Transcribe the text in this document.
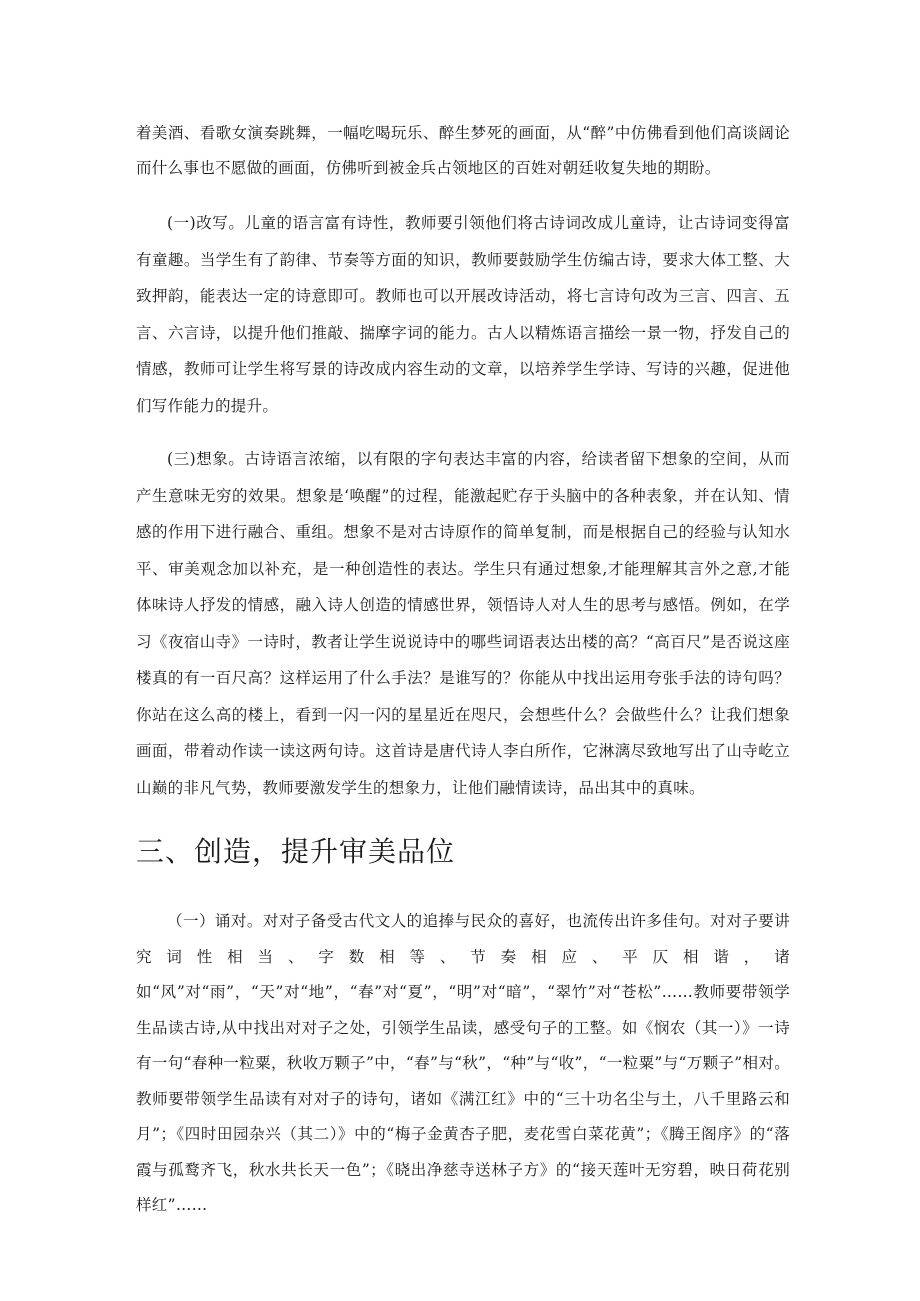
着美酒、看歌女演奏跳舞，一幅吃喝玩乐、醉生梦死的画面，从“醉”中仿佛看到他们高谈阔论而什么事也不愿做的画面，仿佛听到被金兵占领地区的百姓对朝廷收复失地的期盼。

(一)改写。儿童的语言富有诗性，教师要引领他们将古诗词改成儿童诗，让古诗词变得富有童趣。当学生有了韵律、节奏等方面的知识，教师要鼓励学生仿编古诗，要求大体工整、大致押韵，能表达一定的诗意即可。教师也可以开展改诗活动，将七言诗句改为三言、四言、五言、六言诗，以提升他们推敲、揣摩字词的能力。古人以精炼语言描绘一景一物，抒发自己的情感，教师可让学生将写景的诗改成内容生动的文章，以培养学生学诗、写诗的兴趣，促进他们写作能力的提升。

(三)想象。古诗语言浓缩，以有限的字句表达丰富的内容，给读者留下想象的空间，从而产生意味无穷的效果。想象是‘唤醒”的过程，能激起贮存于头脑中的各种表象，并在认知、情感的作用下进行融合、重组。想象不是对古诗原作的简单复制，而是根据自己的经验与认知水平、审美观念加以补充，是一种创造性的表达。学生只有通过想象,才能理解其言外之意,才能体味诗人抒发的情感，融入诗人创造的情感世界，领悟诗人对人生的思考与感悟。例如，在学习《夜宿山寺》一诗时，教者让学生说说诗中的哪些词语表达出楼的高？“高百尺”是否说这座楼真的有一百尺高？这样运用了什么手法？是谁写的？你能从中找出运用夸张手法的诗句吗？你站在这么高的楼上，看到一闪一闪的星星近在咫尺，会想些什么？会做些什么？让我们想象画面，带着动作读一读这两句诗。这首诗是唐代诗人李白所作，它淋漓尽致地写出了山寺屹立山巅的非凡气势，教师要激发学生的想象力，让他们融情读诗，品出其中的真味。

三、创造，提升审美品位

（一）诵对。对对子备受古代文人的追捧与民众的喜好，也流传出许多佳句。对对子要讲究词性相当、字数相等、节奏相应、平仄相谐，诸如“风”对“雨”，“天”对“地”，“春”对“夏”，“明”对“暗”，“翠竹”对“苍松”……教师要带领学生品读古诗,从中找出对对子之处，引领学生品读，感受句子的工整。如《悯农（其一）》一诗有一句“春种一粒粟，秋收万颗子”中，“春”与“秋”，“种”与“收”，“一粒粟”与“万颗子”相对。教师要带领学生品读有对对子的诗句，诸如《满江红》中的“三十功名尘与土，八千里路云和月”；《四时田园杂兴（其二）》中的“梅子金黄杏子肥，麦花雪白菜花黄”；《腾王阁序》的“落霞与孤鹜齐飞，秋水共长天一色”；《晓出净慈寺送林子方》的“接天莲叶无穷碧，映日荷花别样红”……
